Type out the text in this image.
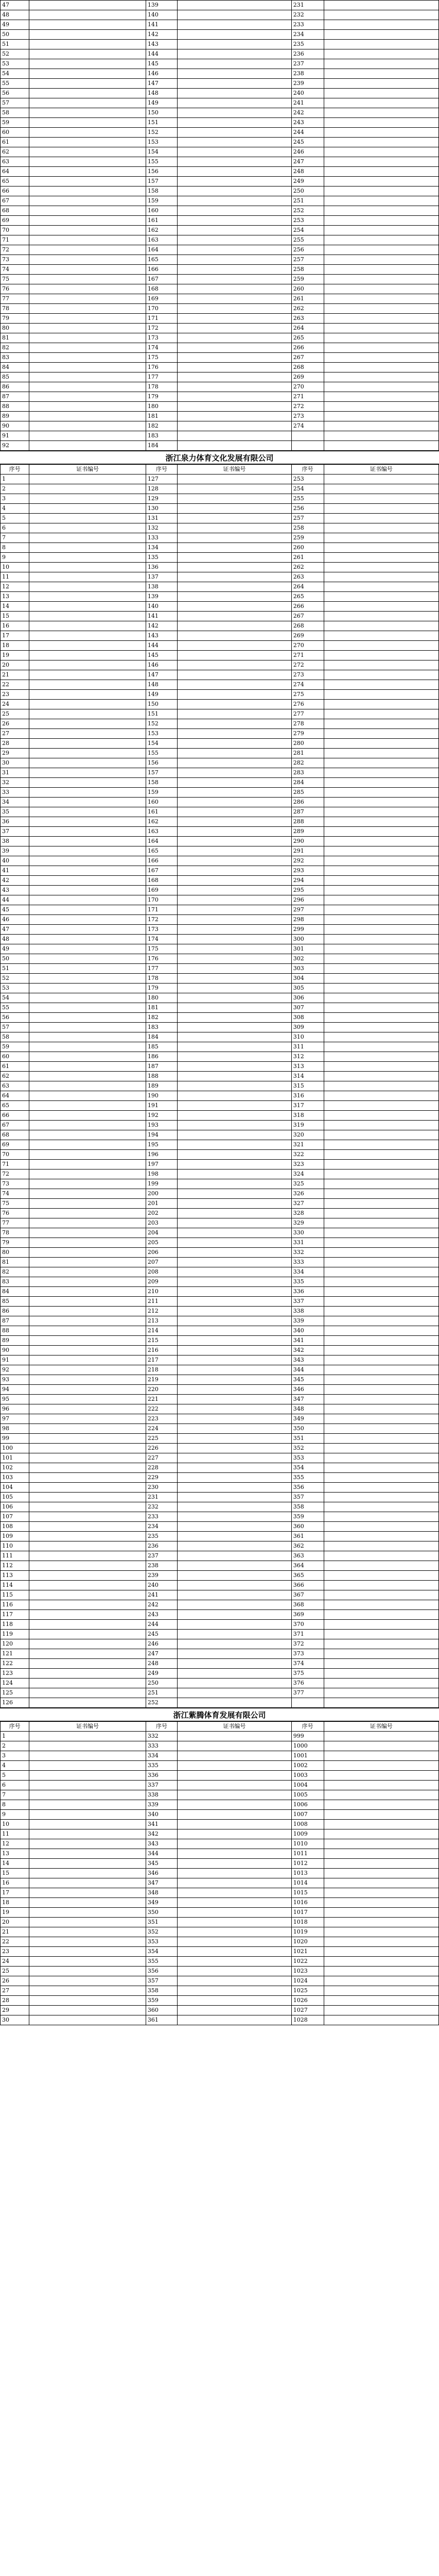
47		139		231	
48		140		232	
49		141		233	
50		142		234	
51		143		235	
52		144		236	
53		145		237	
54		146		238	
55		147		239	
56		148		240	
57		149		241	
58		150		242	
59		151		243	
60		152		244	
61		153		245	
62		154		246	
63		155		247	
64		156		248	
65		157		249	
66		158		250	
67		159		251	
68		160		252	
69		161		253	
70		162		254	
71		163		255	
72		164		256	
73		165		257	
74		166		258	
75		167		259	
76		168		260	
77		169		261	
78		170		262	
79		171		263	
80		172		264	
81		173		265	
82		174		266	
83		175		267	
84		176		268	
85		177		269	
86		178		270	
87		179		271	
88		180		272	
89		181		273	
90		182		274	
91		183			
92		184			
浙江泉力体育文化发展有限公司
序号	证书编号	序号	证书编号	序号	证书编号
1		127		253	
2		128		254	
3		129		255	
4		130		256	
5		131		257	
6		132		258	
7		133		259	
8		134		260	
9		135		261	
10		136		262	
11		137		263	
12		138		264	
13		139		265	
14		140		266	
15		141		267	
16		142		268	
17		143		269	
18		144		270	
19		145		271	
20		146		272	
21		147		273	
22		148		274	
23		149		275	
24		150		276	
25		151		277	
26		152		278	
27		153		279	
28		154		280	
29		155		281	
30		156		282	
31		157		283	
32		158		284	
33		159		285	
34		160		286	
35		161		287	
36		162		288	
37		163		289	
38		164		290	
39		165		291	
40		166		292	
41		167		293	
42		168		294	
43		169		295	
44		170		296	
45		171		297	
46		172		298	
47		173		299	
48		174		300	
49		175		301	
50		176		302	
51		177		303	
52		178		304	
53		179		305	
54		180		306	
55		181		307	
56		182		308	
57		183		309	
58		184		310	
59		185		311	
60		186		312	
61		187		313	
62		188		314	
63		189		315	
64		190		316	
65		191		317	
66		192		318	
67		193		319	
68		194		320	
69		195		321	
70		196		322	
71		197		323	
72		198		324	
73		199		325	
74		200		326	
75		201		327	
76		202		328	
77		203		329	
78		204		330	
79		205		331	
80		206		332	
81		207		333	
82		208		334	
83		209		335	
84		210		336	
85		211		337	
86		212		338	
87		213		339	
88		214		340	
89		215		341	
90		216		342	
91		217		343	
92		218		344	
93		219		345	
94		220		346	
95		221		347	
96		222		348	
97		223		349	
98		224		350	
99		225		351	
100		226		352	
101		227		353	
102		228		354	
103		229		355	
104		230		356	
105		231		357	
106		232		358	
107		233		359	
108		234		360	
109		235		361	
110		236		362	
111		237		363	
112		238		364	
113		239		365	
114		240		366	
115		241		367	
116		242		368	
117		243		369	
118		244		370	
119		245		371	
120		246		372	
121		247		373	
122		248		374	
123		249		375	
124		250		376	
125		251		377	
126		252			
浙江紫腾体育发展有限公司
序号	证书编号	序号	证书编号	序号	证书编号
1		332		999	
2		333		1000	
3		334		1001	
4		335		1002	
5		336		1003	
6		337		1004	
7		338		1005	
8		339		1006	
9		340		1007	
10		341		1008	
11		342		1009	
12		343		1010	
13		344		1011	
14		345		1012	
15		346		1013	
16		347		1014	
17		348		1015	
18		349		1016	
19		350		1017	
20		351		1018	
21		352		1019	
22		353		1020	
23		354		1021	
24		355		1022	
25		356		1023	
26		357		1024	
27		358		1025	
28		359		1026	
29		360		1027	
30		361		1028	
